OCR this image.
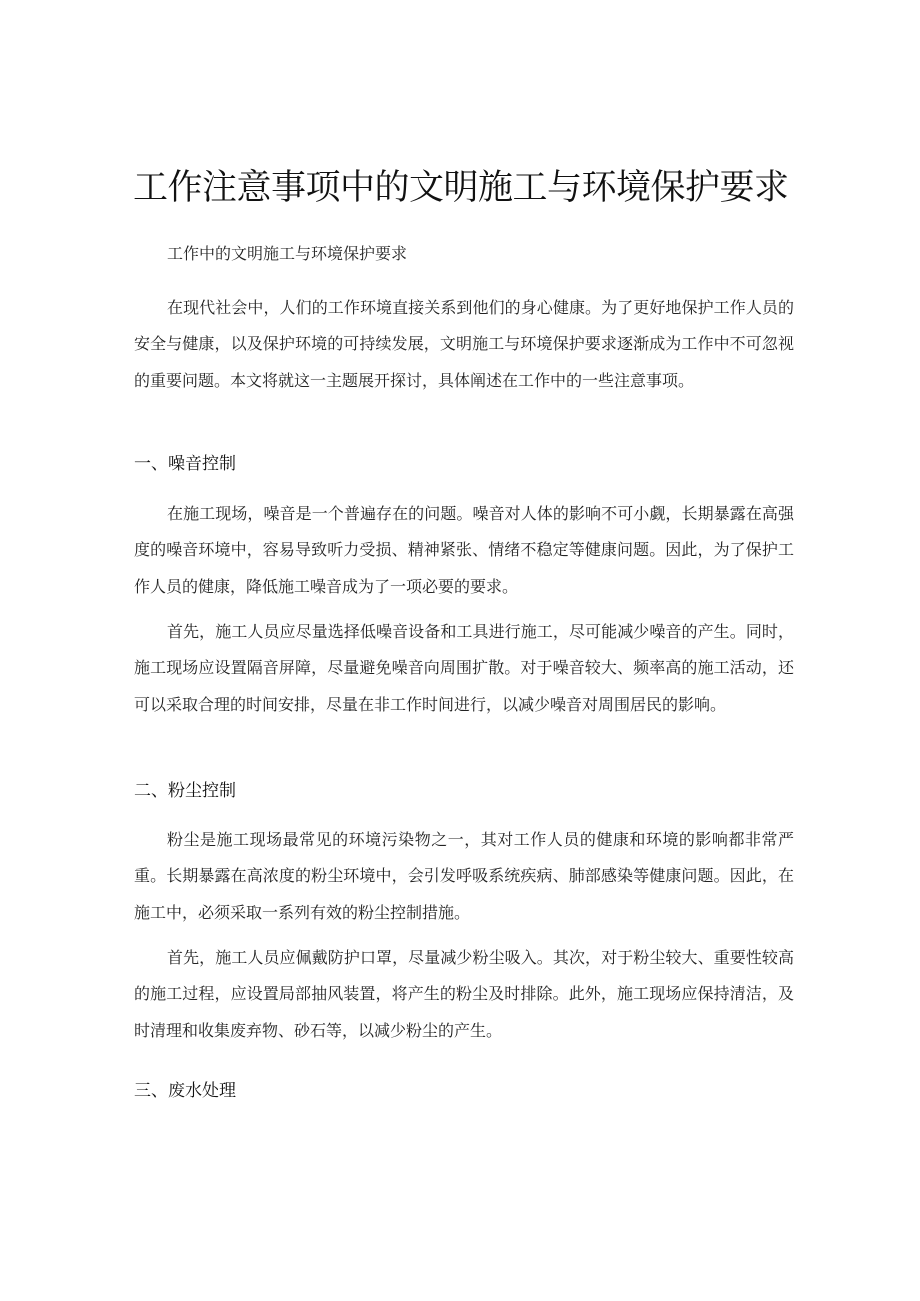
工作注意事项中的文明施工与环境保护要求

工作中的文明施工与环境保护要求

在现代社会中，人们的工作环境直接关系到他们的身心健康。为了更好地保护工作人员的安全与健康，以及保护环境的可持续发展，文明施工与环境保护要求逐渐成为工作中不可忽视的重要问题。本文将就这一主题展开探讨，具体阐述在工作中的一些注意事项。

一、噪音控制

在施工现场，噪音是一个普遍存在的问题。噪音对人体的影响不可小觑，长期暴露在高强度的噪音环境中，容易导致听力受损、精神紧张、情绪不稳定等健康问题。因此，为了保护工作人员的健康，降低施工噪音成为了一项必要的要求。

首先，施工人员应尽量选择低噪音设备和工具进行施工，尽可能减少噪音的产生。同时，施工现场应设置隔音屏障，尽量避免噪音向周围扩散。对于噪音较大、频率高的施工活动，还可以采取合理的时间安排，尽量在非工作时间进行，以减少噪音对周围居民的影响。

二、粉尘控制

粉尘是施工现场最常见的环境污染物之一，其对工作人员的健康和环境的影响都非常严重。长期暴露在高浓度的粉尘环境中，会引发呼吸系统疾病、肺部感染等健康问题。因此，在施工中，必须采取一系列有效的粉尘控制措施。

首先，施工人员应佩戴防护口罩，尽量减少粉尘吸入。其次，对于粉尘较大、重要性较高的施工过程，应设置局部抽风装置，将产生的粉尘及时排除。此外，施工现场应保持清洁，及时清理和收集废弃物、砂石等，以减少粉尘的产生。

三、废水处理
